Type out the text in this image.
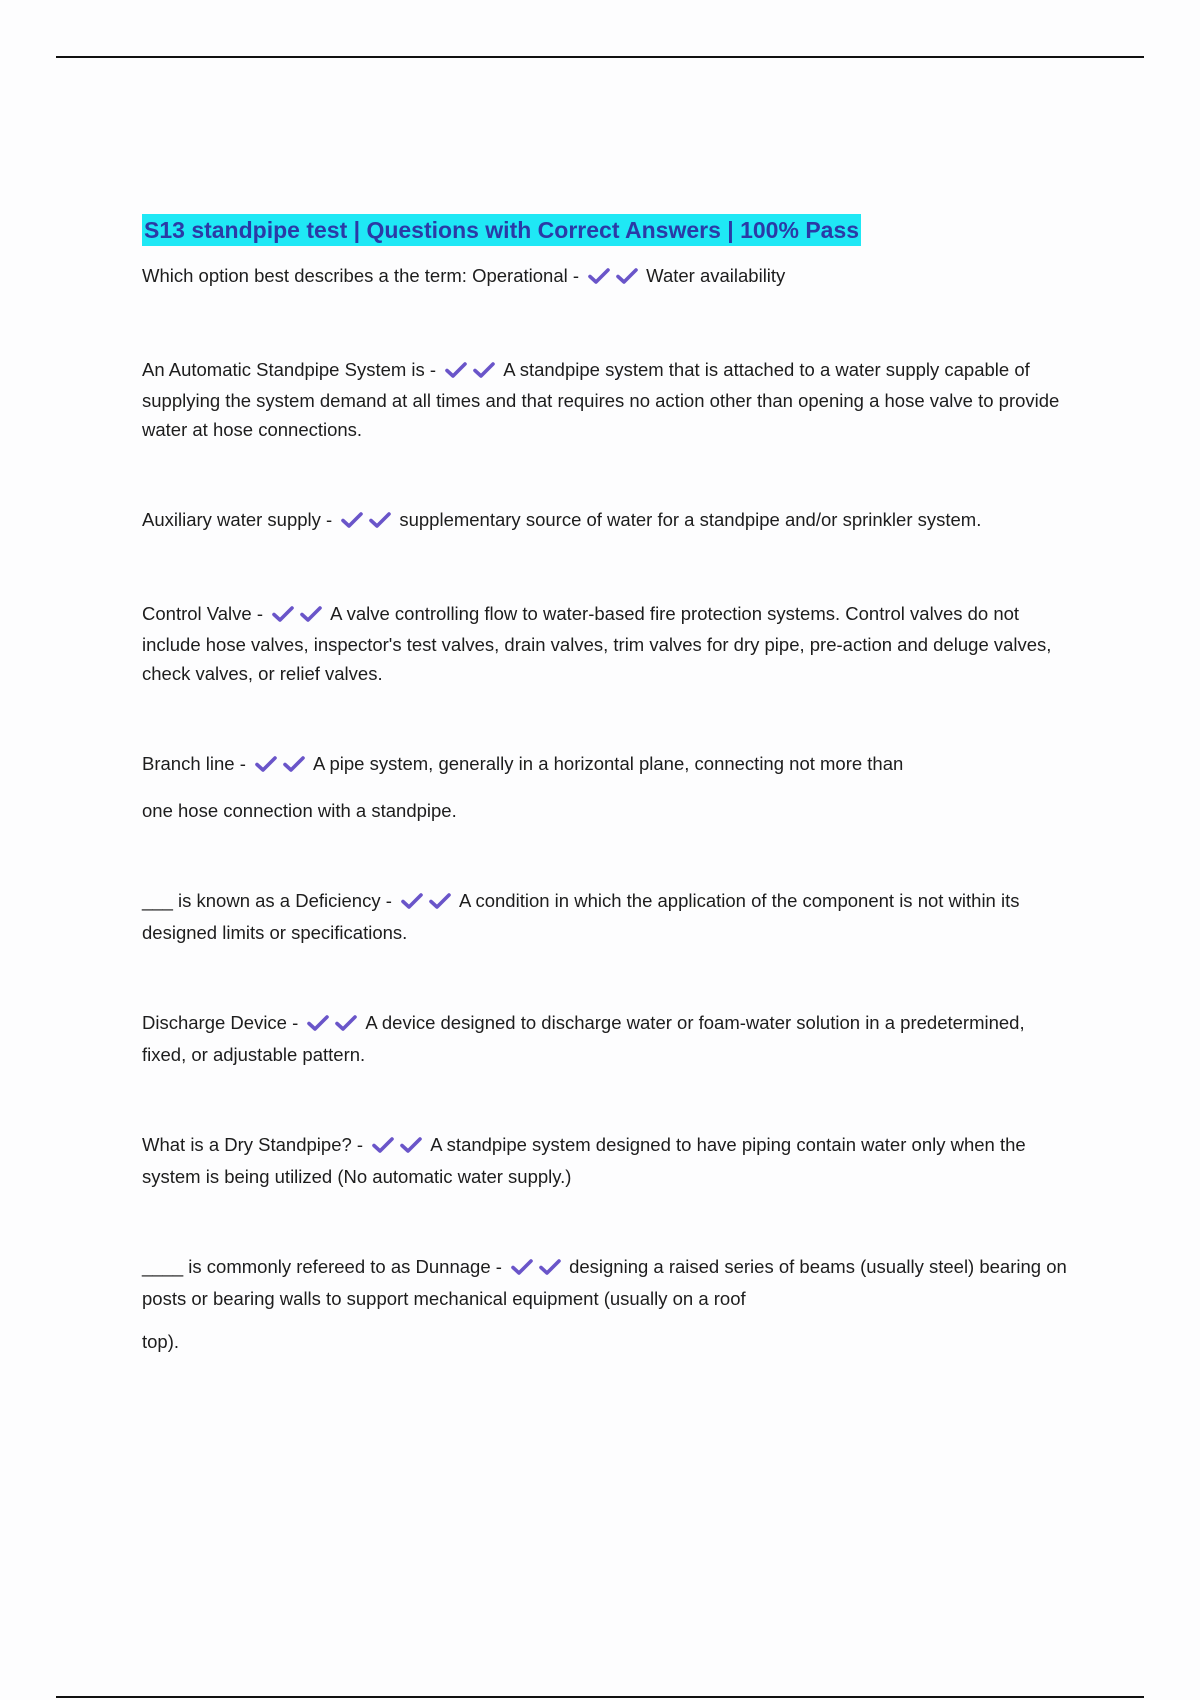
S13 standpipe test | Questions with Correct Answers | 100% Pass
Which option best describes a the term: Operational -	Water availability
An Automatic Standpipe System is -	A standpipe system that is attached to a water supply capable of supplying the system demand at all times and that requires no action other than opening a hose valve to provide water at hose connections.
Auxiliary water supply -	supplementary source of water for a standpipe and/or sprinkler system.
Control Valve -	A valve controlling flow to water-based fire protection systems. Control valves do not include hose valves, inspector's test valves, drain valves, trim valves for dry pipe, pre-action and deluge valves, check valves, or relief valves.
Branch line -	A pipe system, generally in a horizontal plane, connecting not more than
one hose connection with a standpipe.
___ is known as a Deficiency -	A condition in which the application of the component is not within its designed limits or specifications.
Discharge Device -	A device designed to discharge water or foam-water solution in a predetermined, fixed, or adjustable pattern.
What is a Dry Standpipe? -	A standpipe system designed to have piping contain water only when the system is being utilized (No automatic water supply.)
____ is commonly refereed to as Dunnage -	designing a raised series of beams (usually steel) bearing on posts or bearing walls to support mechanical equipment (usually on a roof
top).
